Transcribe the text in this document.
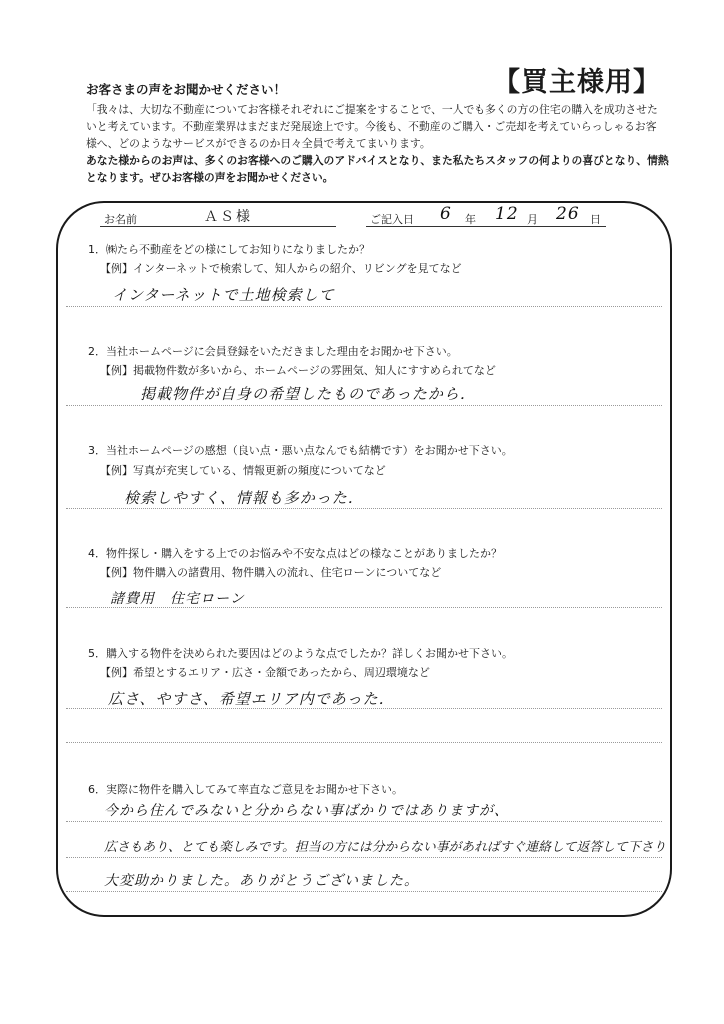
お客さまの声をお聞かせください！	【買主様用】
「我々は、大切な不動産についてお客様それぞれにご提案をすることで、一人でも多くの方の住宅の購入を成功させたいと考えています。不動産業界はまだまだ発展途上です。今後も、不動産のご購入・ご売却を考えていらっしゃるお客様へ、どのようなサービスができるのか日々全員で考えてまいります。
あなた様からのお声は、多くのお客様へのご購入のアドバイスとなり、また私たちスタッフの何よりの喜びとなり、情熱となります。ぜひお客様の声をお聞かせください。
お名前	ＡＳ様	ご記入日 6 年 12 月 26 日
1．㈱たら不動産をどの様にしてお知りになりましたか？
【例】インターネットで検索して、知人からの紹介、リビングを見てなど
インターネットで土地検索して
2．当社ホームページに会員登録をいただきました理由をお聞かせ下さい。
【例】掲載物件数が多いから、ホームページの雰囲気、知人にすすめられてなど
掲載物件が自身の希望したものであったから．
3．当社ホームページの感想（良い点・悪い点なんでも結構です）をお聞かせ下さい。
【例】写真が充実している、情報更新の頻度についてなど
検索しやすく、情報も多かった．
4．物件探し・購入をする上でのお悩みや不安な点はどの様なことがありましたか？
【例】物件購入の諸費用、物件購入の流れ、住宅ローンについてなど
諸費用　住宅ローン
5．購入する物件を決められた要因はどのような点でしたか？詳しくお聞かせ下さい。
【例】希望とするエリア・広さ・金額であったから、周辺環境など
広さ、やすさ、希望エリア内であった．
6．実際に物件を購入してみて率直なご意見をお聞かせ下さい。
今から住んでみないと分からない事ばかりではありますが、
広さもあり、とても楽しみです。担当の方には分からない事があればすぐ連絡して返答して下さり
大変助かりました。ありがとうございました。
